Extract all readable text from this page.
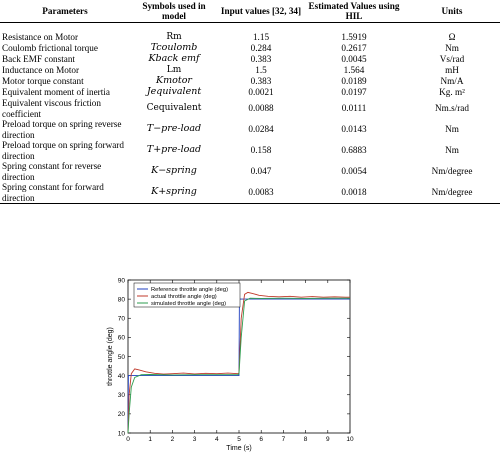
Parameters	Symbols used in model	Input values [32, 34]	Estimated Values using HIL	Units

Resistance on Motor	Rm	1.15	1.5919	Ω
Coulomb frictional torque	Tcoulomb	0.284	0.2617	Nm
Back EMF constant	Kback emf	0.383	0.0045	Vs/rad
Inductance on Motor	Lm	1.5	1.564	mH
Motor torque constant	Kmotor	0.383	0.0189	Nm/A
Equivalent moment of inertia	Jequivalent	0.0021	0.0197	Kg. m²
Equivalent viscous friction coefficient	Cequivalent	0.0088	0.0111	Nm.s/rad
Preload torque on spring reverse direction	T−pre-load	0.0284	0.0143	Nm
Preload torque on spring forward direction	T+pre-load	0.158	0.6883	Nm
Spring constant for reverse direction	K−spring	0.047	0.0054	Nm/degree
Spring constant for forward direction	K+spring	0.0083	0.0018	Nm/degree
0	1	2	3	4	5	6	7	8	9	10
10
20
30
40
50
60
70
80
90
Time (s)
throttle angle (deg)
Reference throttle angle (deg)
actual throttle angle (deg)
simulated throttle angle (deg)
